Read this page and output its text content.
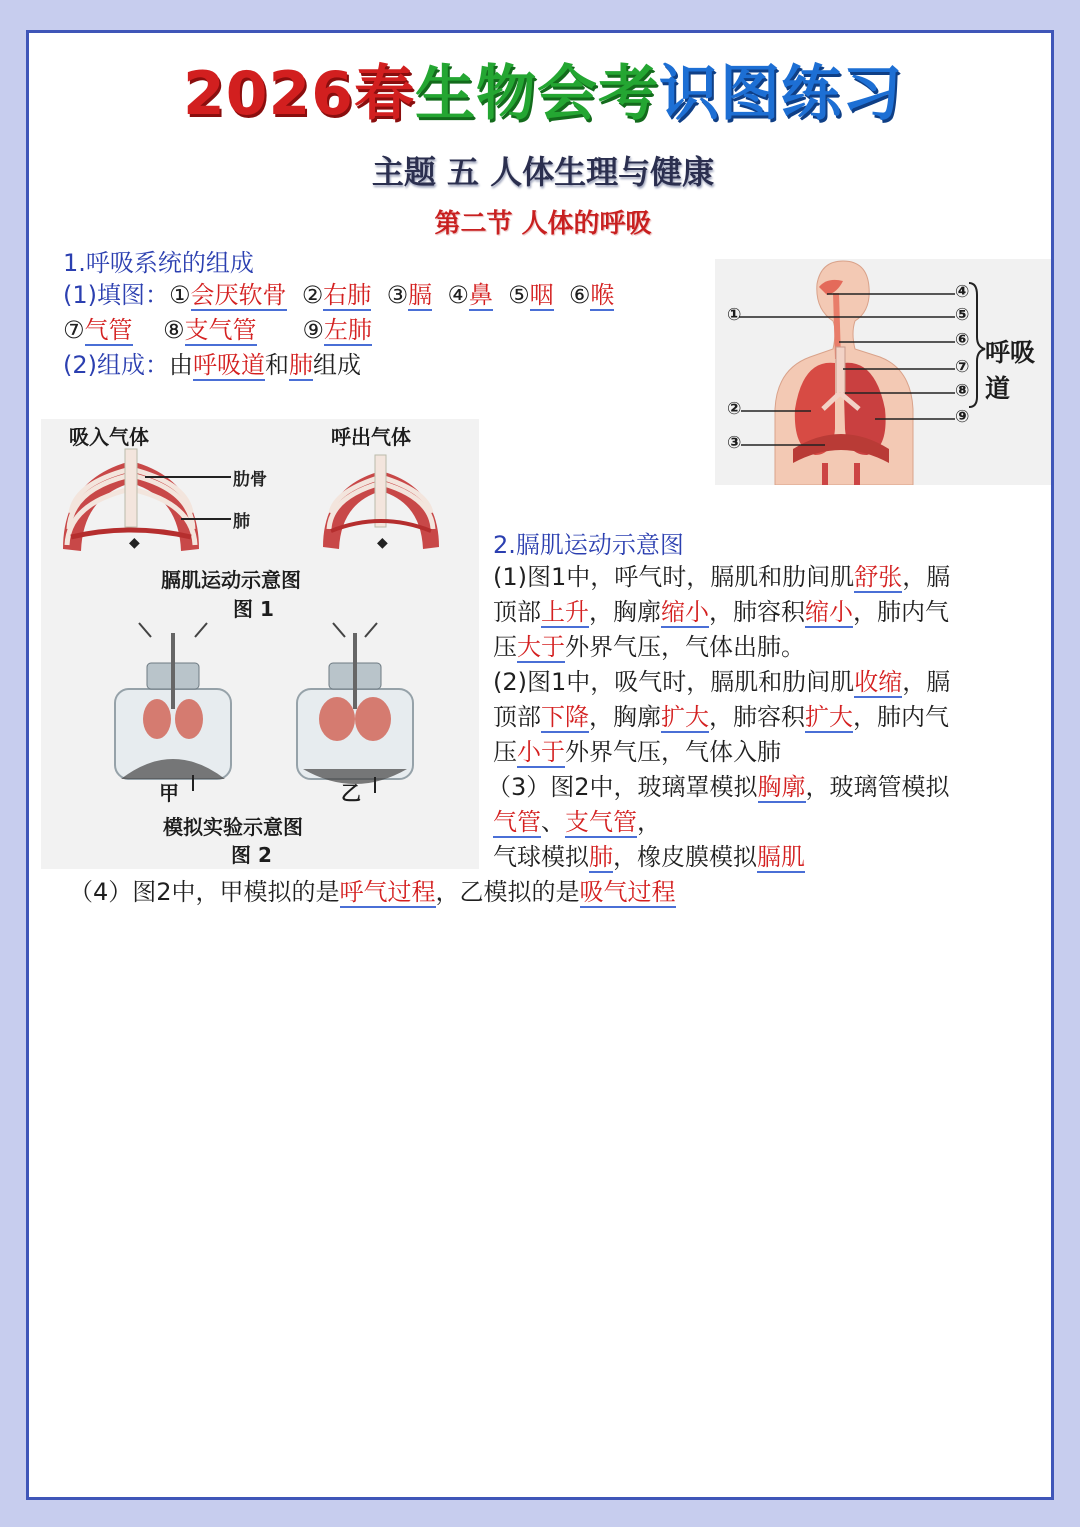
2026春生物会考识图练习
主题 五 人体生理与健康
第二节 人体的呼吸
1.呼吸系统的组成
(1)填图：①会厌软骨 ②右肺 ③膈 ④鼻 ⑤咽 ⑥喉
⑦气管 ⑧支气管 ⑨左肺
(2)组成：由呼吸道和肺组成
①
②
③
④
⑤
⑥
⑦
⑧
⑨
呼吸道
◆	◆
吸入气体	呼出气体
肋骨
肺
膈肌运动示意图
图 1
甲	乙
模拟实验示意图
图 2
2.膈肌运动示意图
(1)图1中，呼气时，膈肌和肋间肌舒张，膈
顶部上升，胸廓缩小，肺容积缩小，肺内气
压大于外界气压，气体出肺。
(2)图1中，吸气时，膈肌和肋间肌收缩，膈
顶部下降，胸廓扩大，肺容积扩大，肺内气
压小于外界气压，气体入肺
（3）图2中，玻璃罩模拟胸廓，玻璃管模拟
气管、支气管，
气球模拟肺，橡皮膜模拟膈肌
（4）图2中，甲模拟的是呼气过程，乙模拟的是吸气过程
